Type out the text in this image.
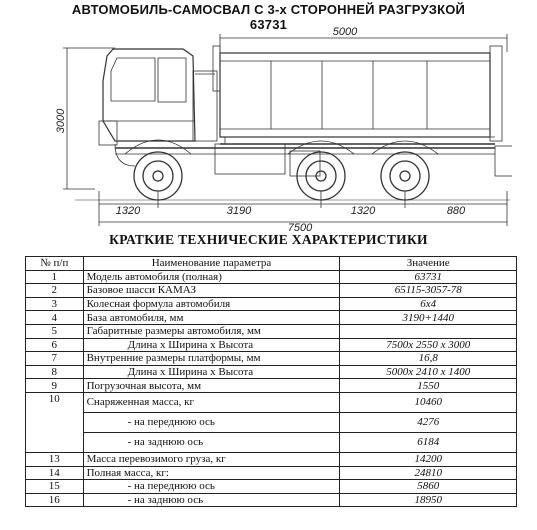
АВТОМОБИЛЬ-САМОСВАЛ С 3-х СТОРОННЕЙ РАЗГРУЗКОЙ
63731	5000
3000
1320	3190	1320	880
7500
КРАТКИЕ ТЕХНИЧЕСКИЕ ХАРАКТЕРИСТИКИ
№ п/п	Наименование параметра	Значение
1	Модель автомобиля (полная)	63731
2	Базовое шасси КАМАЗ	65115-3057-78
3	Колесная формула автомобиля	6х4
4	База автомобиля, мм	3190+1440
5	Габаритные размеры автомобиля, мм	
6	Длина х Ширина х Высота	7500х 2550 х 3000
7	Внутренние размеры платформы, мм	16,8
8	Длина х Ширина х Высота	5000х 2410 х 1400
9	Погрузочная высота, мм	1550
10	Снаряженная масса, кг	10460
	- на переднюю ось	4276
	- на заднюю ось	6184
13	Масса перевозимого груза, кг	14200
14	Полная масса, кг:	24810
15	- на переднюю ось	5860
16	- на заднюю ось	18950
